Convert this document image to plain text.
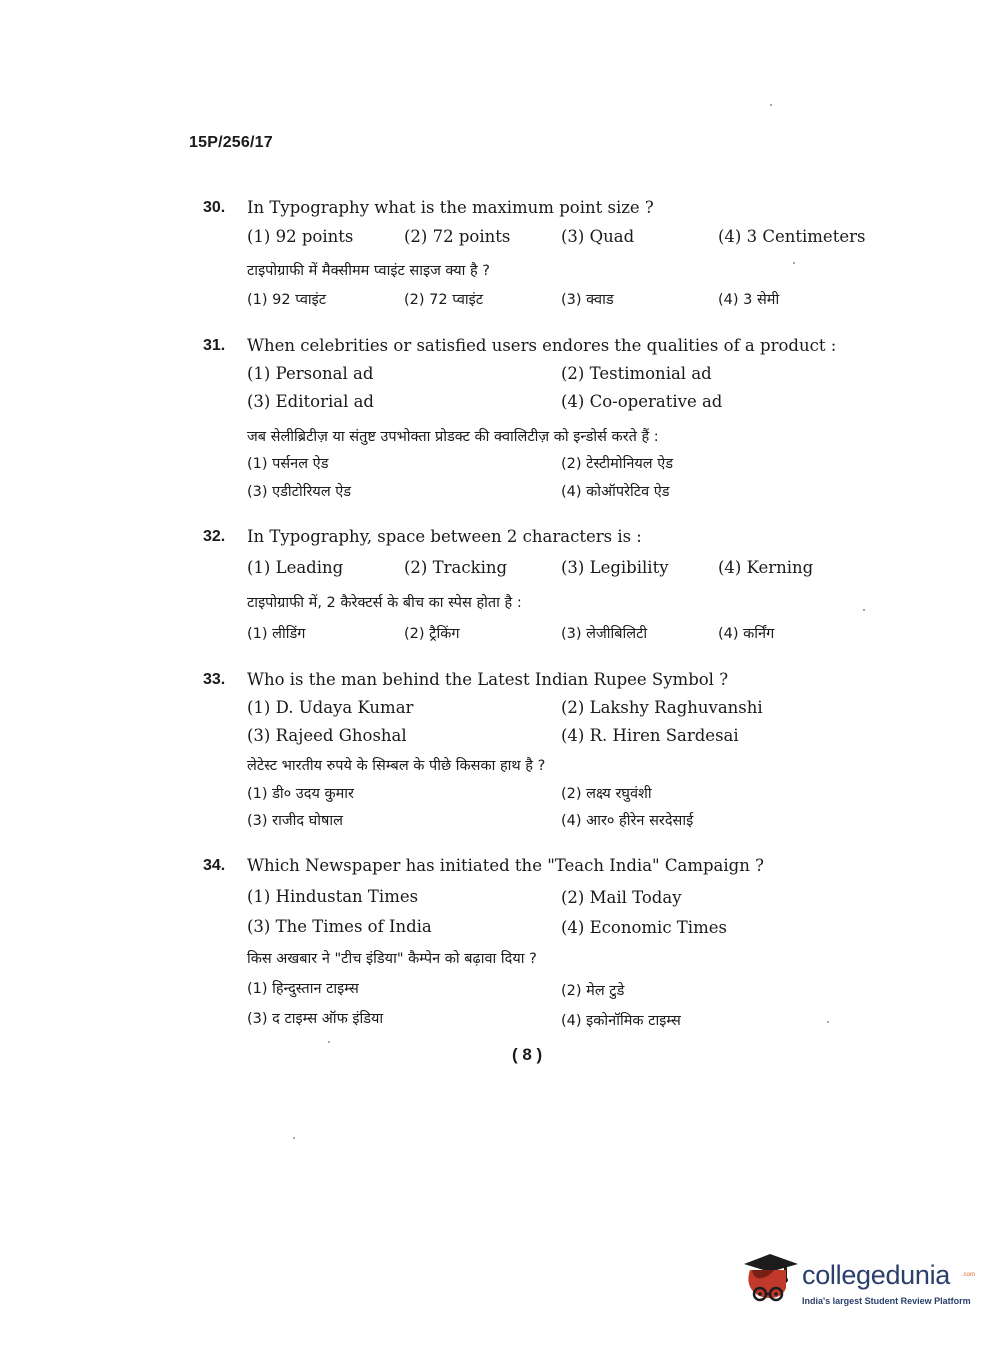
15P/256/17
30. In Typography what is the maximum point size ?
(1) 92 points	(2) 72 points	(3) Quad	(4) 3 Centimeters
टाइपोग्राफी में मैक्सीमम प्वाइंट साइज क्या है ?
(1) 92 प्वाइंट	(2) 72 प्वाइंट	(3) क्वाड	(4) 3 सेमी
31. When celebrities or satisfied users endores the qualities of a product :
(1) Personal ad	(2) Testimonial ad
(3) Editorial ad	(4) Co-operative ad
जब सेलीब्रिटीज़ या संतुष्ट उपभोक्ता प्रोडक्ट की क्वालिटीज़ को इन्डोर्स करते हैं :
(1) पर्सनल ऐड	(2) टेस्टीमोनियल ऐड
(3) एडीटोरियल ऐड	(4) कोऑपरेटिव ऐड
32. In Typography, space between 2 characters is :
(1) Leading	(2) Tracking	(3) Legibility	(4) Kerning
टाइपोग्राफी में, 2 कैरेक्टर्स के बीच का स्पेस होता है :
(1) लीडिंग	(2) ट्रैकिंग	(3) लेजीबिलिटी	(4) कर्निंग
33. Who is the man behind the Latest Indian Rupee Symbol ?
(1) D. Udaya Kumar	(2) Lakshy Raghuvanshi
(3) Rajeed Ghoshal	(4) R. Hiren Sardesai
लेटेस्ट भारतीय रुपये के सिम्बल के पीछे किसका हाथ है ?
(1) डी० उदय कुमार	(2) लक्ष्य रघुवंशी
(3) राजीद घोषाल	(4) आर० हीरेन सरदेसाई
34. Which Newspaper has initiated the "Teach India" Campaign ?
(1) Hindustan Times	(2) Mail Today
(3) The Times of India	(4) Economic Times
किस अखबार ने "टीच इंडिया" कैम्पेन को बढ़ावा दिया ?
(1) हिन्दुस्तान टाइम्स	(2) मेल टुडे
(3) द टाइम्स ऑफ इंडिया	(4) इकोनॉमिक टाइम्स
( 8 )
collegedunia .com
India's largest Student Review Platform
